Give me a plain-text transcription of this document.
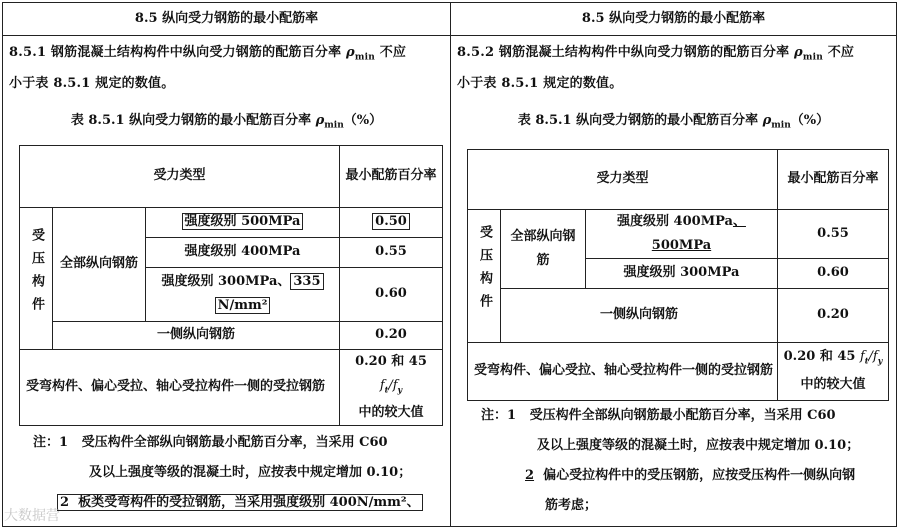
8.5 纵向受力钢筋的最小配筋率
8.5.1 钢筋混凝土结构构件中纵向受力钢筋的配筋百分率 $\rho_{min}$ 不应
小于表 8.5.1 规定的数值。
表 8.5.1 纵向受力钢筋的最小配筋百分率 $\rho_{min}(\%)$
受力类型			最小配筋百分率
受压构件	全部纵向钢筋	强度级别 500MPa	0.50
		强度级别 400MPa	0.55
		强度级别 300MPa、 335
N/mm²	0.60
	一侧纵向钢筋		0.20
受弯构件、偏心受拉、轴心受拉构件一侧的受拉钢筋			0.20 和 45 $f_t/f_y$
中的较大值
注：1 受压构件全部纵向钢筋最小配筋百分率，当采用 C60
及以上强度等级的混凝土时，应按表中规定增加 0.10；
2 板类受弯构件的受拉钢筋，当采用强度级别 400N/mm²、
8.5 纵向受力钢筋的最小配筋率
8.5.2 钢筋混凝土结构构件中纵向受力钢筋的配筋百分率 $\rho_{min}$ 不应
小于表 8.5.1 规定的数值。
表 8.5.1 纵向受力钢筋的最小配筋百分率 $\rho_{min}(\%)$
受力类型			最小配筋百分率
受压构件	全部纵向钢筋	强度级别 400MPa、500MPa	0.55
		强度级别 300MPa	0.60
	一侧纵向钢筋		0.20
受弯构件、偏心受拉、轴心受拉构件一侧的受拉钢筋			0.20 和 45 $f_t/f_y$
中的较大值
注：1 受压构件全部纵向钢筋最小配筋百分率，当采用 C60
及以上强度等级的混凝土时，应按表中规定增加 0.10；
2 偏心受拉构件中的受压钢筋，应按受压构件一侧纵向钢
筋考虑；
大数据营
